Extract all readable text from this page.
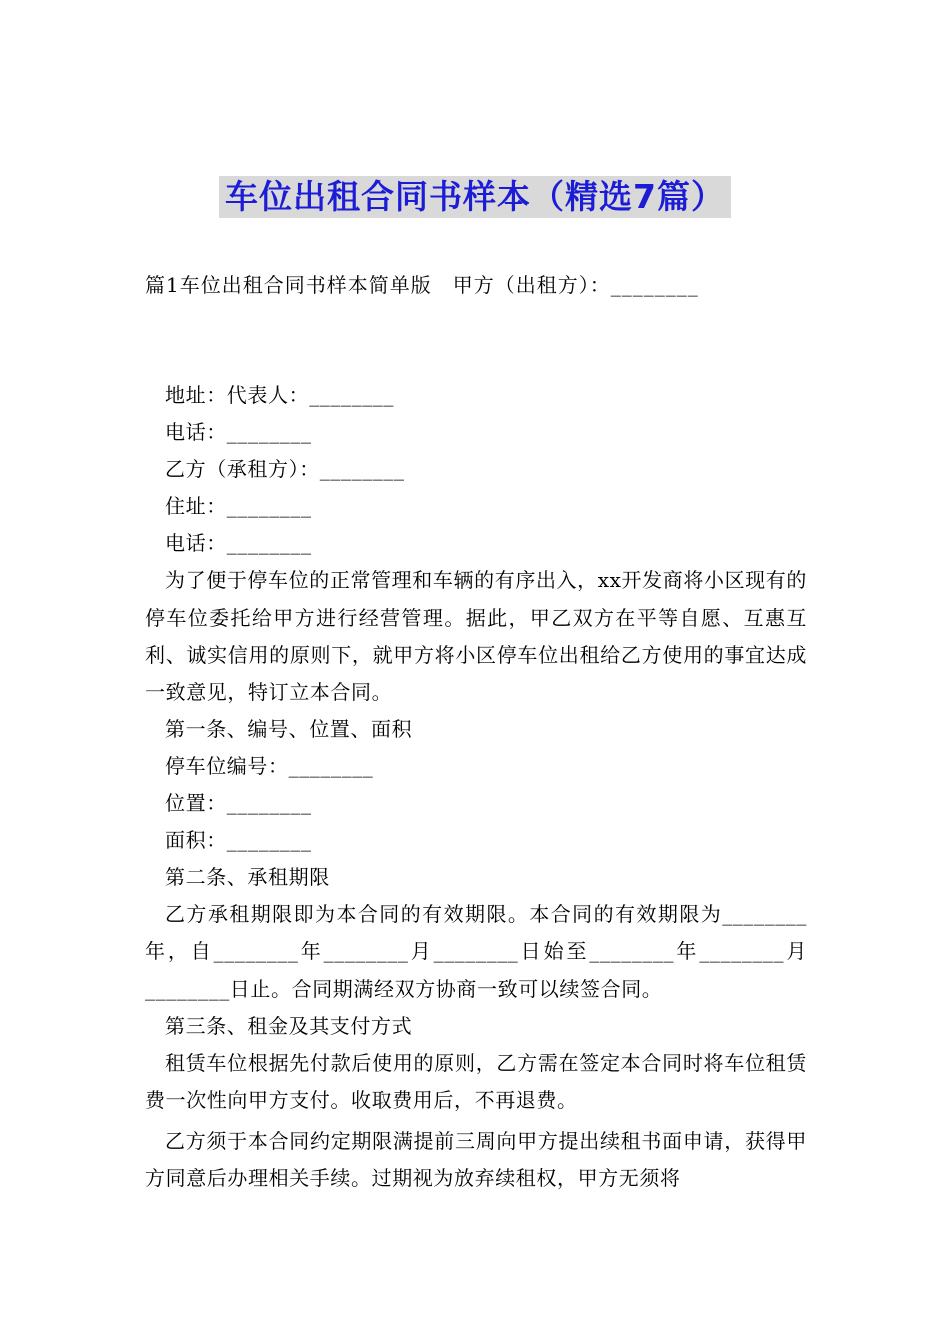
车位出租合同书样本（精选7篇）
篇1车位出租合同书样本简单版　甲方（出租方）：________

地址：代表人：________

电话：________

乙方（承租方）：________

住址：________

电话：________

为了便于停车位的正常管理和车辆的有序出入，xx开发商将小区现有的停车位委托给甲方进行经营管理。据此，甲乙双方在平等自愿、互惠互利、诚实信用的原则下，就甲方将小区停车位出租给乙方使用的事宜达成一致意见，特订立本合同。

第一条、编号、位置、面积

停车位编号：________

位置：________

面积：________

第二条、承租期限

乙方承租期限即为本合同的有效期限。本合同的有效期限为________年，自________年________月________日始至________年________月________日止。合同期满经双方协商一致可以续签合同。

第三条、租金及其支付方式

租赁车位根据先付款后使用的原则，乙方需在签定本合同时将车位租赁费一次性向甲方支付。收取费用后，不再退费。

乙方须于本合同约定期限满提前三周向甲方提出续租书面申请，获得甲方同意后办理相关手续。过期视为放弃续租权，甲方无须将
